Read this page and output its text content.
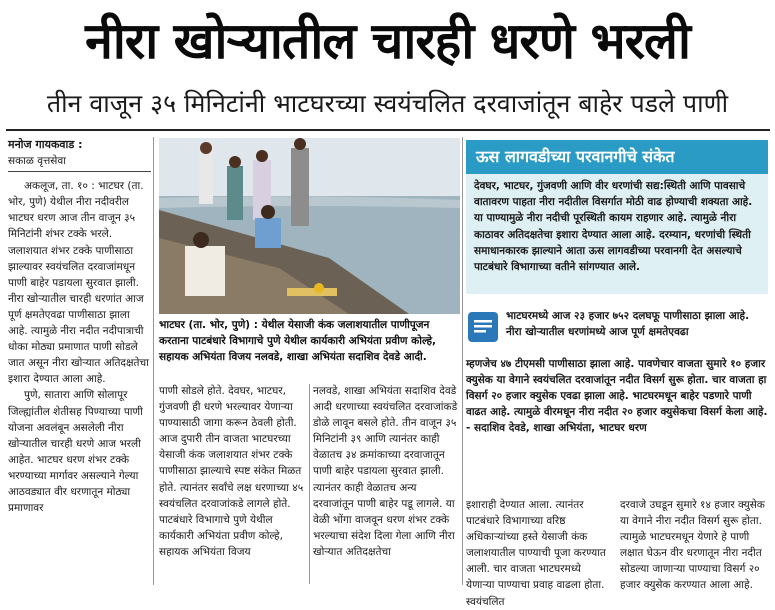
नीरा खोऱ्यातील चारही धरणे भरली
तीन वाजून ३५ मिनिटांनी भाटघरच्या स्वयंचलित दरवाजांतून बाहेर पडले पाणी
मनोज गायकवाड :
सकाळ वृत्तसेवा

अकलूज, ता. १० : भाटघर (ता. भोर, पुणे) येथील नीरा नदीवरील भाटघर धरण आज तीन वाजून ३५ मिनिटांनी शंभर टक्के भरले. जलाशयात शंभर टक्के पाणीसाठा झाल्यावर स्वयंचलित दरवाजांमधून पाणी बाहेर पडायला सुरवात झाली. नीरा खोऱ्यातील चारही धरणांत आज पूर्ण क्षमतेएवढा पाणीसाठा झाला आहे. त्यामुळे नीरा नदीत नदीपात्राची धोका मोठ्या प्रमाणात पाणी सोडले जात असून नीरा खोऱ्यात अतिदक्षतेचा इशारा देण्यात आला आहे.

पुणे, सातारा आणि सोलापूर जिल्ह्यांतील शेतीसह पिण्याच्या पाणी योजना अवलंबून असलेली नीरा खोऱ्यातील चारही धरणे आज भरली आहेत. भाटघर धरण शंभर टक्के भरण्याच्या मार्गावर असल्याने गेल्या आठवड्यात वीर धरणातून मोठ्या प्रमाणावर

भाटघर (ता. भोर, पुणे) : येथील येसाजी कंक जलाशयातील पाणीपूजन करताना पाटबंधारे विभागाचे पुणे येथील कार्यकारी अभियंता प्रवीण कोल्हे, सहायक अभियंता विजय नलवडे, शाखा अभियंता सदाशिव देवडे आदी.

पाणी सोडले होते. देवघर, भाटघर, गुंजवणी ही धरणे भरल्यावर येणाऱ्या पाण्यासाठी जागा करून ठेवली होती. आज दुपारी तीन वाजता भाटघरच्या येसाजी कंक जलाशयात शंभर टक्के पाणीसाठा झाल्याचे स्पष्ट संकेत मिळत होते. त्यानंतर सर्वांचे लक्ष धरणाच्या ४५ स्वयंचलित दरवाजांकडे लागले होते. पाटबंधारे विभागाचे पुणे येथील कार्यकारी अभियंता प्रवीण कोल्हे, सहायक अभियंता विजय

नलवडे, शाखा अभियंता सदाशिव देवडे आदी धरणाच्या स्वयंचलित दरवाजांकडे डोळे लावून बसले होते. तीन वाजून ३५ मिनिटांनी ३९ आणि त्यानंतर काही वेळातच ३४ क्रमांकाच्या दरवाजातून पाणी बाहेर पडायला सुरवात झाली. त्यानंतर काही वेळातच अन्य दरवाजांतून पाणी बाहेर पडू लागले. या वेळी भोंगा वाजवून धरण शंभर टक्के भरल्याचा संदेश दिला गेला आणि नीरा खोऱ्यात अतिदक्षतेचा

ऊस लागवडीच्या परवानगीचे संकेत
देवघर, भाटघर, गुंजवणी आणि वीर धरणांची सद्य:स्थिती आणि पावसाचे वातावरण पाहता नीरा नदीतील विसर्गात मोठी वाढ होण्याची शक्यता आहे. या पाण्यामुळे नीरा नदीची पूरस्थिती कायम राहणार आहे. त्यामुळे नीरा काठावर अतिदक्षतेचा इशारा देण्यात आला आहे. दरम्यान, धरणांची स्थिती समाधानकारक झाल्याने आता ऊस लागवडीच्या परवानगी देत असल्याचे पाटबंधारे विभागाच्या वतीने सांगण्यात आले.
भाटघरमध्ये आज २३ हजार ७५२ दलघफू पाणीसाठा झाला आहे. नीरा खोऱ्यातील धरणांमध्ये आज पूर्ण क्षमतेएवढा
म्हणजेच ४७ टीएमसी पाणीसाठा झाला आहे. पावणेचार वाजता सुमारे १० हजार क्युसेक या वेगाने स्वयंचलित दरवाजांतून नदीत विसर्ग सुरू होता. चार वाजता हा विसर्ग २० हजार क्युसेक एवढा झाला आहे. भाटघरमधून बाहेर पडणारे पाणी वाढत आहे. त्यामुळे वीरमधून नीरा नदीत २० हजार क्युसेकचा विसर्ग केला आहे. - सदाशिव देवडे, शाखा अभियंता, भाटघर धरण

इशाराही देण्यात आला. त्यानंतर पाटबंधारे विभागाच्या वरिष्ठ अधिकाऱ्यांच्या हस्ते येसाजी कंक जलाशयातील पाण्याची पूजा करण्यात आली. चार वाजता भाटघरमध्ये येणाऱ्या पाण्याचा प्रवाह वाढला होता. स्वयंचलित

दरवाजे उघडून सुमारे १४ हजार क्युसेक या वेगाने नीरा नदीत विसर्ग सुरू होता. त्यामुळे भाटघरमधून येणारे हे पाणी लक्षात घेऊन वीर धरणातून नीरा नदीत सोडल्या जाणाऱ्या पाण्याचा विसर्ग २० हजार क्युसेक करण्यात आला आहे.
